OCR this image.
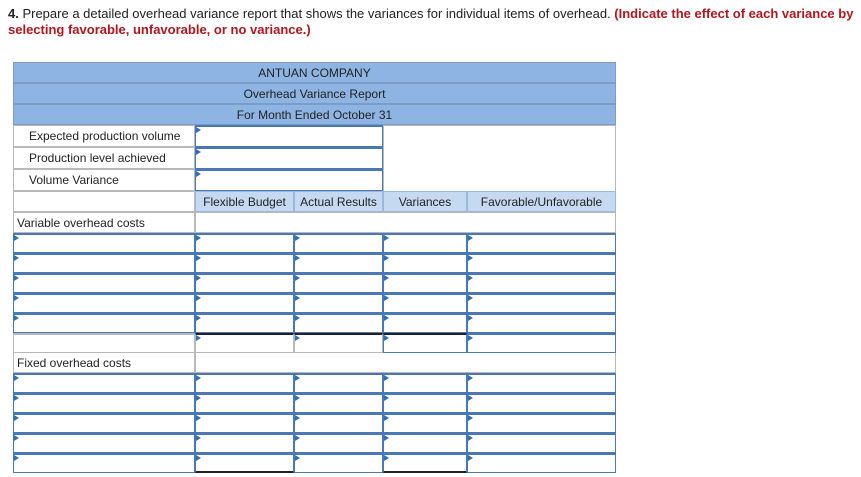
4. Prepare a detailed overhead variance report that shows the variances for individual items of overhead. (Indicate the effect of each variance by selecting favorable, unfavorable, or no variance.)
ANTUAN COMPANY
Overhead Variance Report
For Month Ended October 31
Expected production volume
Production level achieved
Volume Variance
Flexible Budget	Actual Results	Variances	Favorable/Unfavorable
Variable overhead costs
Fixed overhead costs
